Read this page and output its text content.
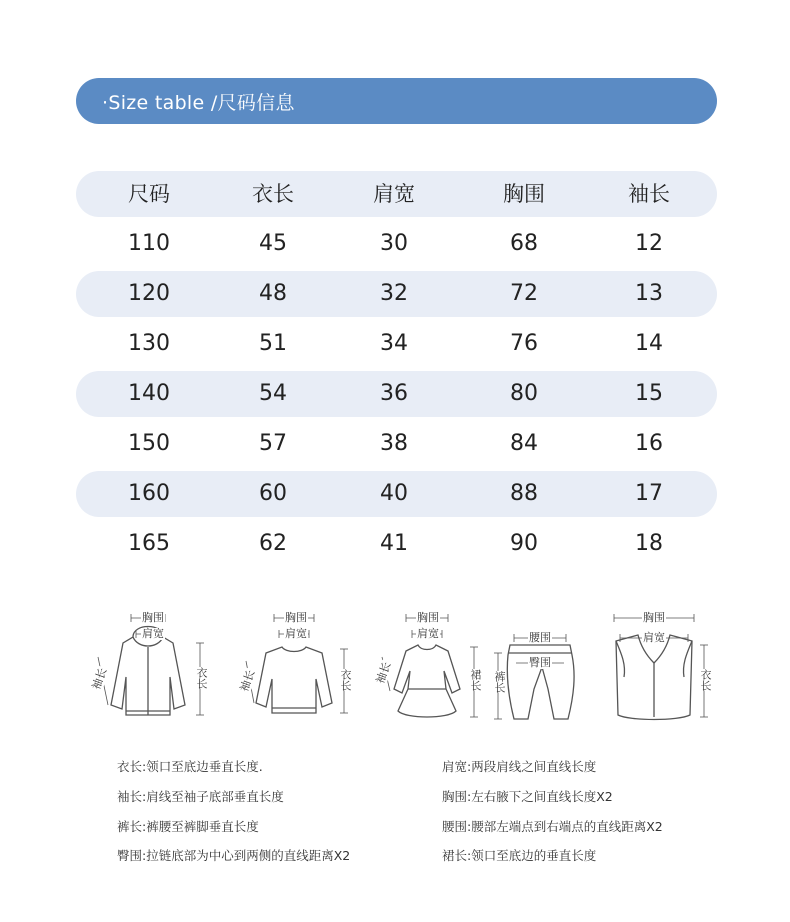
·Size table /尺码信息
尺码	衣长	肩宽	胸围	袖长
110	45	30	68	12
120	48	32	72	13
130	51	34	76	14
140	54	36	80	15
150	57	38	84	16
160	60	40	88	17
165	62	41	90	18
胸围
肩宽
袖长	衣长
胸围
肩宽
袖长	衣长
胸围
肩宽
袖长	裙长
腰围
臀围
裤长
胸围
肩宽
衣长
衣长:领口至底边垂直长度.
袖长:肩线至袖子底部垂直长度
裤长:裤腰至裤脚垂直长度
臀围:拉链底部为中心到两侧的直线距离X2
肩宽:两段肩线之间直线长度
胸围:左右腋下之间直线长度X2
腰围:腰部左端点到右端点的直线距离X2
裙长:领口至底边的垂直长度
